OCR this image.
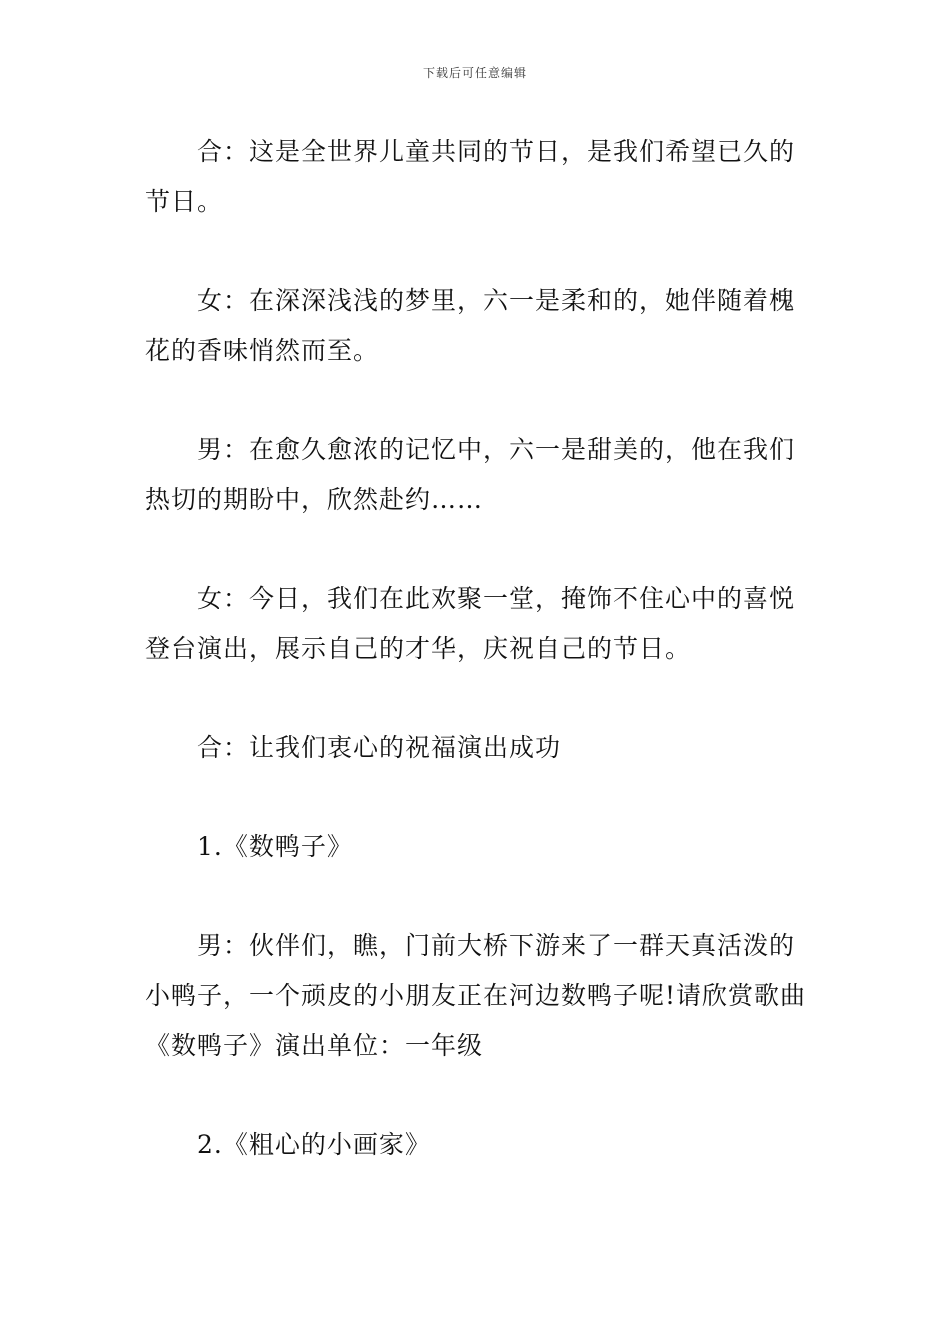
下载后可任意编辑

合：这是全世界儿童共同的节日，是我们希望已久的节日。

女：在深深浅浅的梦里，六一是柔和的，她伴随着槐花的香味悄然而至。

男：在愈久愈浓的记忆中，六一是甜美的，他在我们热切的期盼中，欣然赴约……

女：今日，我们在此欢聚一堂，掩饰不住心中的喜悦登台演出，展示自己的才华，庆祝自己的节日。

合：让我们衷心的祝福演出成功

1.《数鸭子》

男：伙伴们，瞧，门前大桥下游来了一群天真活泼的小鸭子，一个顽皮的小朋友正在河边数鸭子呢!请欣赏歌曲《数鸭子》演出单位：一年级

2.《粗心的小画家》
